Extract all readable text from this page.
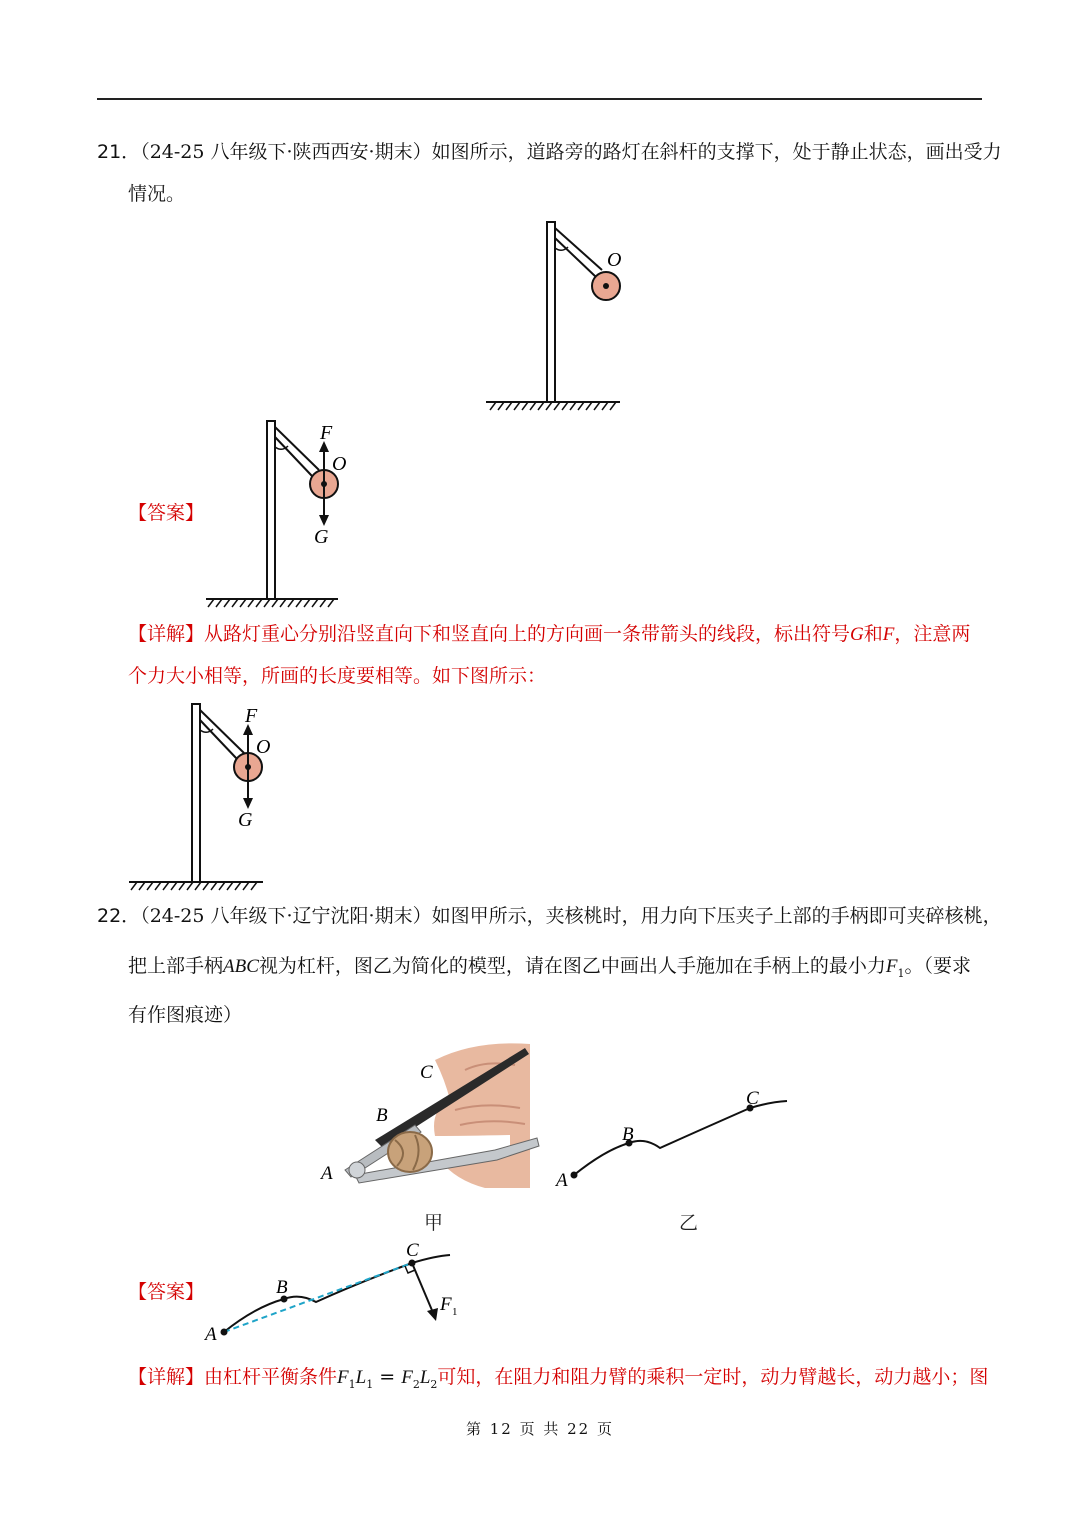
21．（24-25 八年级下·陕西西安·期末）如图所示，道路旁的路灯在斜杆的支撑下，处于静止状态，画出受力
情况。
O
【答案】
F
O
G
【详解】从路灯重心分别沿竖直向下和竖直向上的方向画一条带箭头的线段，标出符号G和F，注意两
个力大小相等，所画的长度要相等。如下图所示：
F
O
G
22．（24-25 八年级下·辽宁沈阳·期末）如图甲所示，夹核桃时，用力向下压夹子上部的手柄即可夹碎核桃，
把上部手柄ABC视为杠杆，图乙为简化的模型，请在图乙中画出人手施加在手柄上的最小力$F_1$。（要求
有作图痕迹）
C
B
A
甲
A
B
C
乙
【答案】
A
B
C
F 1
【详解】由杠杆平衡条件$F_1L_1 = F_2L_2$可知，在阻力和阻力臂的乘积一定时，动力臂越长，动力越小；图
第 12 页 共 22 页
